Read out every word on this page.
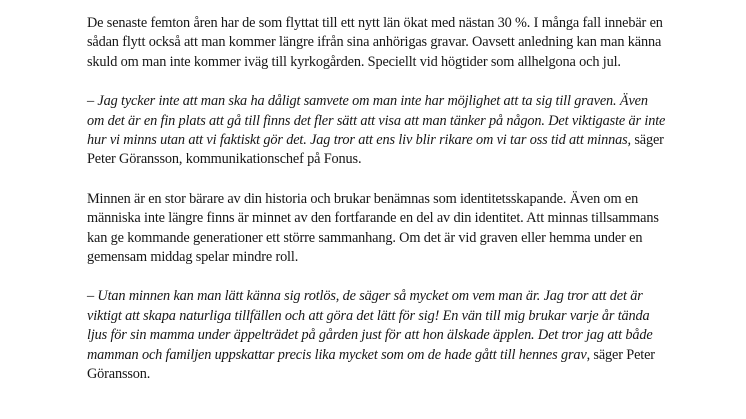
De senaste femton åren har de som flyttat till ett nytt län ökat med nästan 30 %. I många fall innebär en sådan flytt också att man kommer längre ifrån sina anhörigas gravar. Oavsett anledning kan man känna skuld om man inte kommer iväg till kyrkogården. Speciellt vid högtider som allhelgona och jul.

– Jag tycker inte att man ska ha dåligt samvete om man inte har möjlighet att ta sig till graven. Även om det är en fin plats att gå till finns det fler sätt att visa att man tänker på någon. Det viktigaste är inte hur vi minns utan att vi faktiskt gör det. Jag tror att ens liv blir rikare om vi tar oss tid att minnas, säger Peter Göransson, kommunikationschef på Fonus.

Minnen är en stor bärare av din historia och brukar benämnas som identitetsskapande. Även om en människa inte längre finns är minnet av den fortfarande en del av din identitet. Att minnas tillsammans kan ge kommande generationer ett större sammanhang. Om det är vid graven eller hemma under en gemensam middag spelar mindre roll.

– Utan minnen kan man lätt känna sig rotlös, de säger så mycket om vem man är. Jag tror att det är viktigt att skapa naturliga tillfällen och att göra det lätt för sig! En vän till mig brukar varje år tända ljus för sin mamma under äppelträdet på gården just för att hon älskade äpplen. Det tror jag att både mamman och familjen uppskattar precis lika mycket som om de hade gått till hennes grav, säger Peter Göransson.
